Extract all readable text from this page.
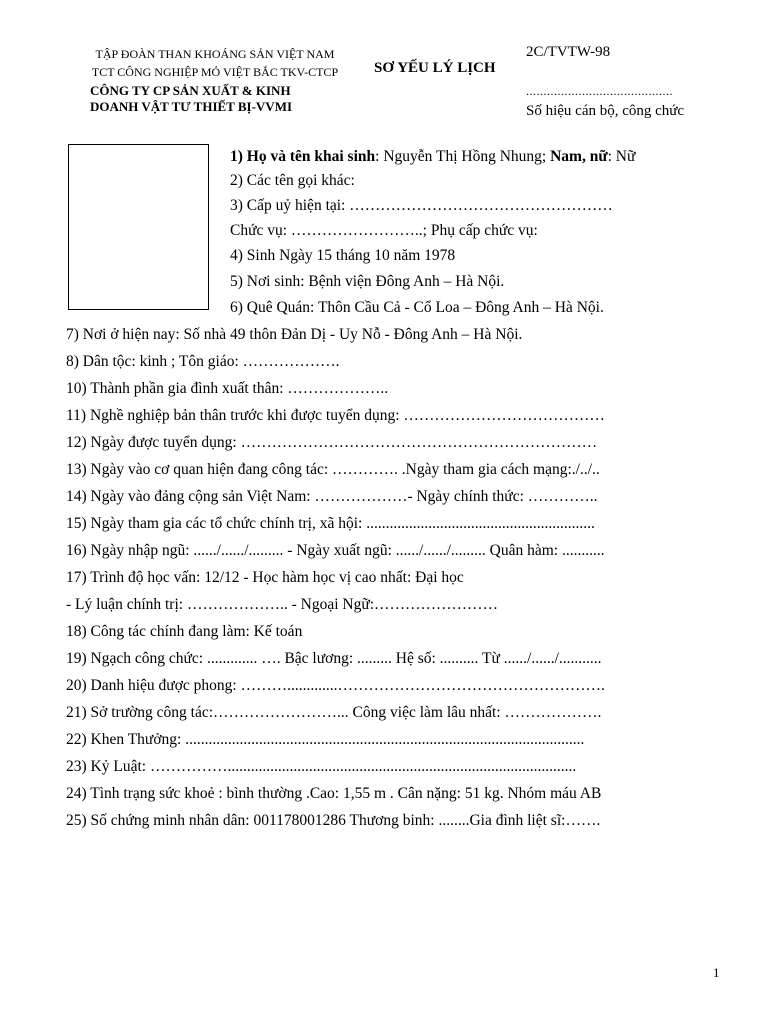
TẬP ĐOÀN THAN KHOÁNG SẢN VIỆT NAM
TCT CÔNG NGHIỆP MỎ VIỆT BẮC TKV-CTCP
CÔNG TY CP SẢN XUẤT & KINH
DOANH VẬT TƯ THIẾT BỊ-VVMI
SƠ YẾU LÝ LỊCH
2C/TVTW-98
..........................................
Số hiệu cán bộ, công chức
1) Họ và tên khai sinh: Nguyễn Thị Hồng Nhung; Nam, nữ: Nữ
2) Các tên gọi khác:
3) Cấp uỷ hiện tại: ……………………………………………
Chức vụ: ……………………..; Phụ cấp chức vụ:
4) Sinh Ngày 15 tháng 10 năm 1978
5) Nơi sinh: Bệnh viện Đông Anh – Hà Nội.
6) Quê Quán: Thôn Cầu Cả - Cổ Loa – Đông Anh – Hà Nội.
7) Nơi ở hiện nay: Số nhà 49 thôn Đản Dị - Uy Nỗ - Đông Anh – Hà Nội.
8) Dân tộc: kinh ; Tôn giáo: ……………….
10) Thành phần gia đình xuất thân: ………………..
11) Nghề nghiệp bản thân trước khi được tuyển dụng: …………………………………
12) Ngày được tuyển dụng: ……………………………………………………………
13) Ngày vào cơ quan hiện đang công tác: …………. .Ngày tham gia cách mạng:./../..
14) Ngày vào đảng cộng sản Việt Nam: ………………- Ngày chính thức: …………..
15) Ngày tham gia các tổ chức chính trị, xã hội: ...........................................................
16) Ngày nhập ngũ: ....../....../......... - Ngày xuất ngũ: ....../....../......... Quân hàm: ...........
17) Trình độ học vấn: 12/12 - Học hàm học vị cao nhất: Đại học
- Lý luận chính trị: ……………….. - Ngoại Ngữ:……………………
18) Công tác chính đang làm: Kế toán
19) Ngạch công chức: ............. …. Bậc lương: ......... Hệ số: .......... Từ ....../....../...........
20) Danh hiệu được phong: ……….............…………………………………………….
21) Sở trường công tác:……………………... Công việc làm lâu nhất: ……………….
22) Khen Thưởng: .......................................................................................................
23) Kỷ Luật: ……………..........................................................................................
24) Tình trạng sức khoẻ : bình thường .Cao: 1,55 m . Cân nặng: 51 kg. Nhóm máu AB
25) Số chứng minh nhân dân: 001178001286 Thương binh: ........Gia đình liệt sĩ:…….
1
